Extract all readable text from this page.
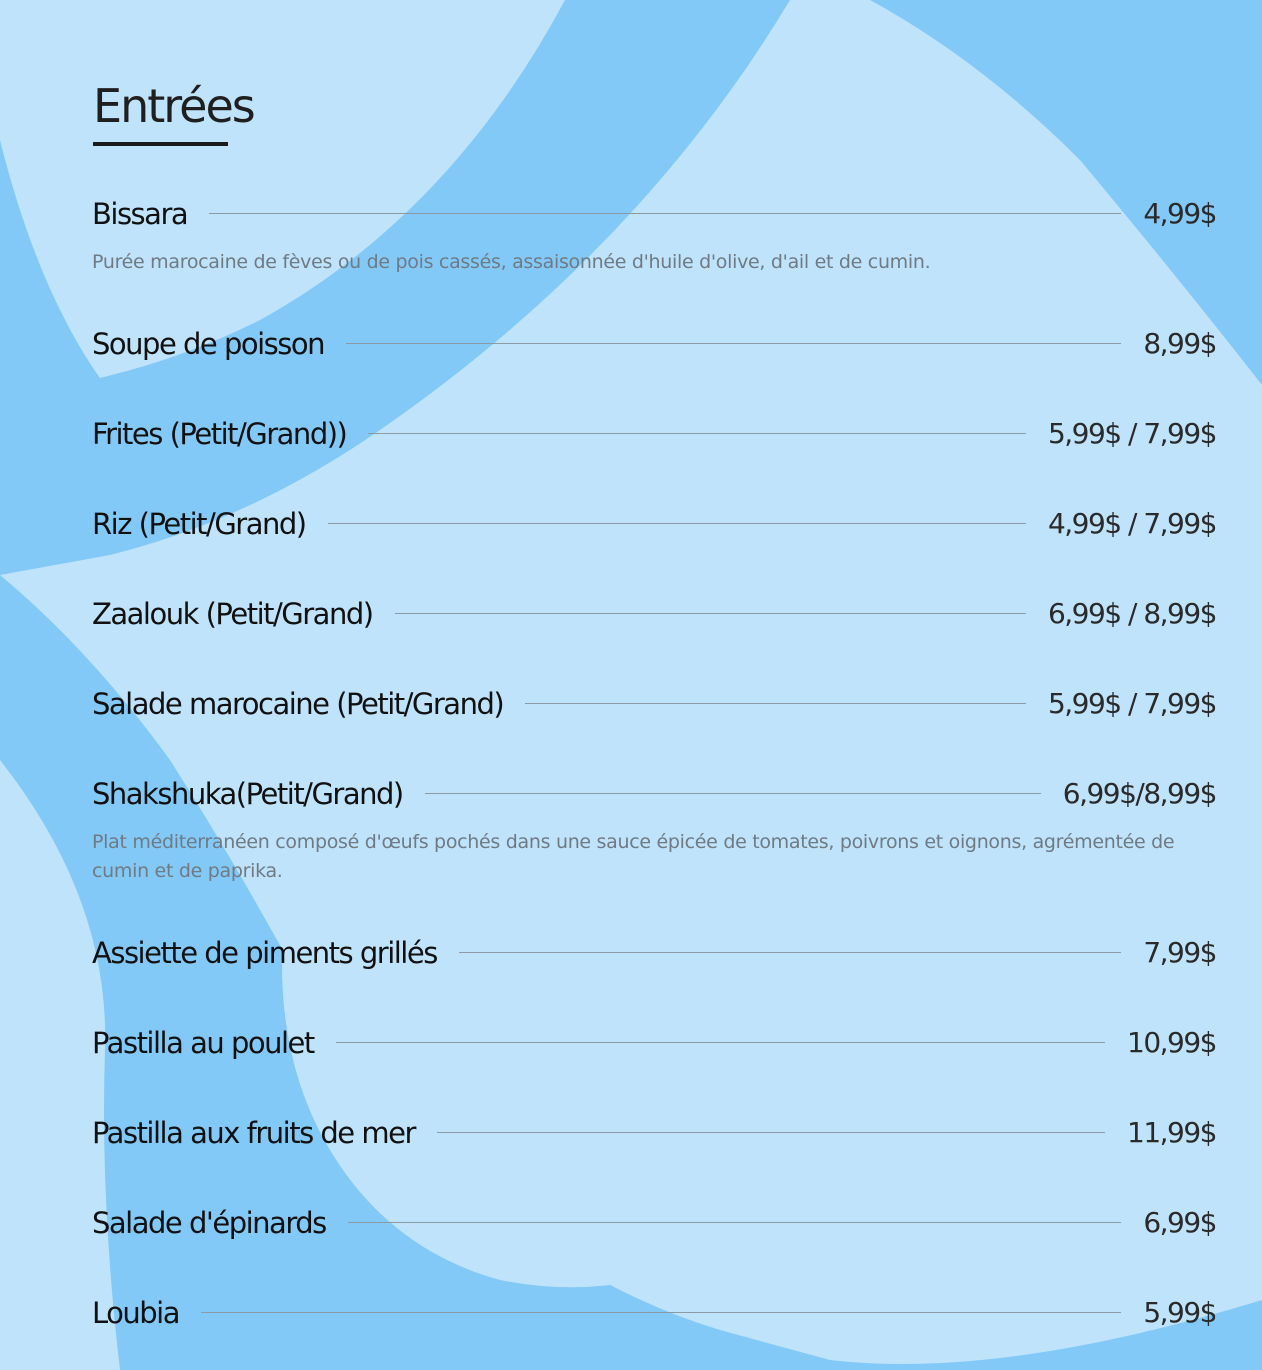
Entrées
Bissara	4,99$

Purée marocaine de fèves ou de pois cassés, assaisonnée d'huile d'olive, d'ail et de cumin.

Soupe de poisson	8,99$
Frites (Petit/Grand))	5,99$ / 7,99$
Riz (Petit/Grand)	4,99$ / 7,99$
Zaalouk (Petit/Grand)	6,99$ / 8,99$
Salade marocaine (Petit/Grand)	5,99$ / 7,99$
Shakshuka(Petit/Grand)	6,99$/8,99$

Plat méditerranéen composé d'œufs pochés dans une sauce épicée de tomates, poivrons et oignons, agrémentée de cumin et de paprika.

Assiette de piments grillés	7,99$
Pastilla au poulet	10,99$
Pastilla aux fruits de mer	11,99$
Salade d'épinards	6,99$
Loubia	5,99$
